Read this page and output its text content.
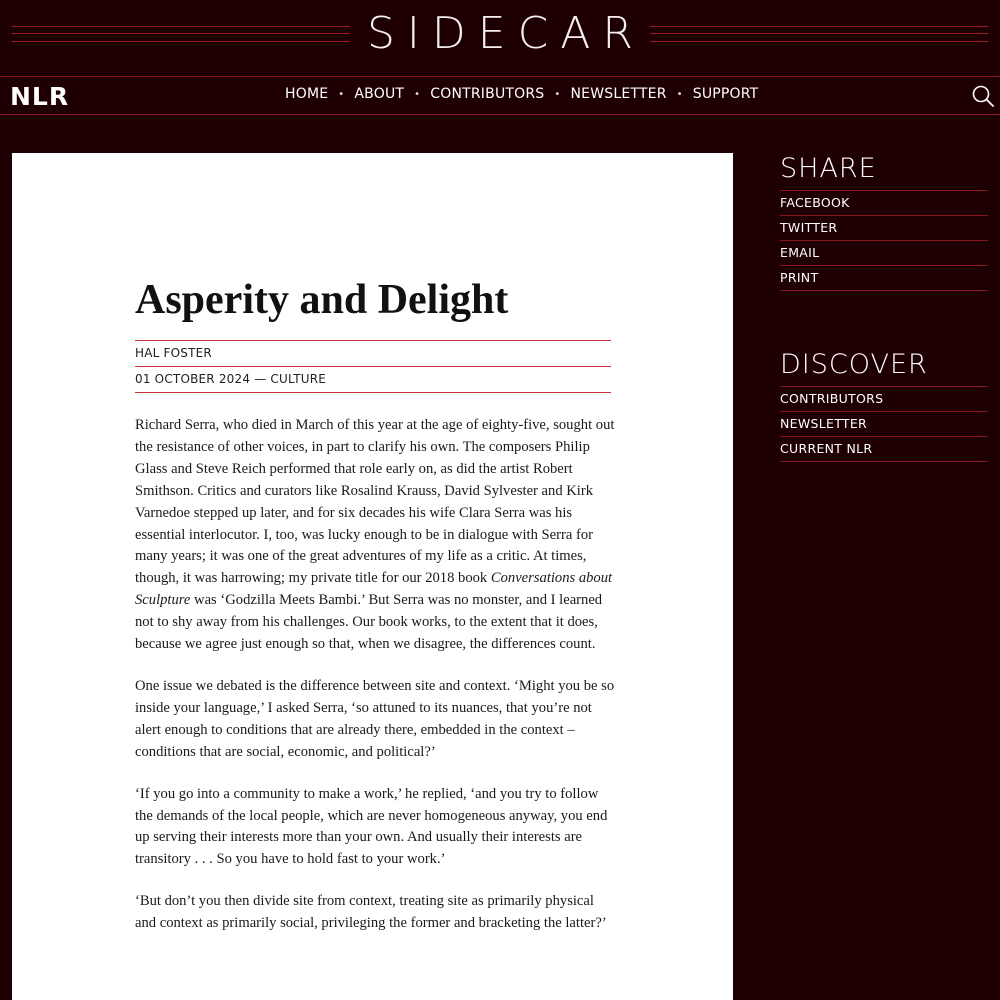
SIDECAR
NLR	HOME • ABOUT • CONTRIBUTORS • NEWSLETTER • SUPPORT
Asperity and Delight
HAL FOSTER
01 OCTOBER 2024 — CULTURE

Richard Serra, who died in March of this year at the age of eighty-five, sought out the resistance of other voices, in part to clarify his own. The composers Philip Glass and Steve Reich performed that role early on, as did the artist Robert Smithson. Critics and curators like Rosalind Krauss, David Sylvester and Kirk Varnedoe stepped up later, and for six decades his wife Clara Serra was his essential interlocutor. I, too, was lucky enough to be in dialogue with Serra for many years; it was one of the great adventures of my life as a critic. At times, though, it was harrowing; my private title for our 2018 book Conversations about Sculpture was ‘Godzilla Meets Bambi.’ But Serra was no monster, and I learned not to shy away from his challenges. Our book works, to the extent that it does, because we agree just enough so that, when we disagree, the differences count.

One issue we debated is the difference between site and context. ‘Might you be so inside your language,’ I asked Serra, ‘so attuned to its nuances, that you’re not alert enough to conditions that are already there, embedded in the context – conditions that are social, economic, and political?’

‘If you go into a community to make a work,’ he replied, ‘and you try to follow the demands of the local people, which are never homogeneous anyway, you end up serving their interests more than your own. And usually their interests are transitory . . . So you have to hold fast to your work.’

‘But don’t you then divide site from context, treating site as primarily physical and context as primarily social, privileging the former and bracketing the latter?’

SHARE
FACEBOOK
TWITTER
EMAIL
PRINT
DISCOVER
CONTRIBUTORS
NEWSLETTER
CURRENT NLR
